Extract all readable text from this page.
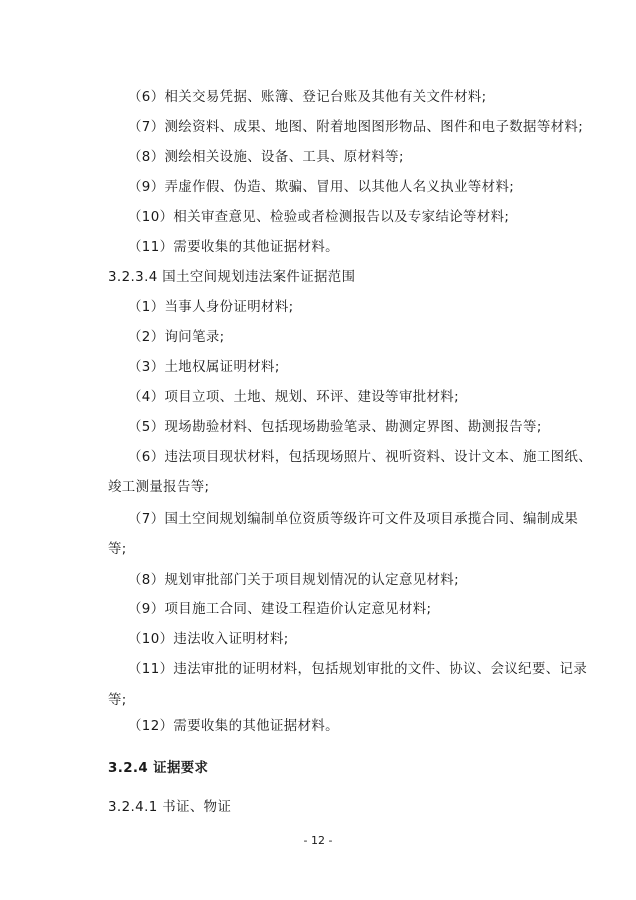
（6）相关交易凭据、账簿、登记台账及其他有关文件材料;
（7）测绘资料、成果、地图、附着地图图形物品、图件和电子数据等材料;
（8）测绘相关设施、设备、工具、原材料等;
（9）弄虚作假、伪造、欺骗、冒用、以其他人名义执业等材料;
（10）相关审查意见、检验或者检测报告以及专家结论等材料;
（11）需要收集的其他证据材料。
3.2.3.4 国土空间规划违法案件证据范围
（1）当事人身份证明材料;
（2）询问笔录;
（3）土地权属证明材料;
（4）项目立项、土地、规划、环评、建设等审批材料;
（5）现场勘验材料、包括现场勘验笔录、勘测定界图、勘测报告等;
（6）违法项目现状材料，包括现场照片、视听资料、设计文本、施工图纸、
竣工测量报告等;
（7）国土空间规划编制单位资质等级许可文件及项目承揽合同、编制成果
等;
（8）规划审批部门关于项目规划情况的认定意见材料;
（9）项目施工合同、建设工程造价认定意见材料;
（10）违法收入证明材料;
（11）违法审批的证明材料，包括规划审批的文件、协议、会议纪要、记录
等;
（12）需要收集的其他证据材料。
3.2.4 证据要求
3.2.4.1 书证、物证
- 12 -
